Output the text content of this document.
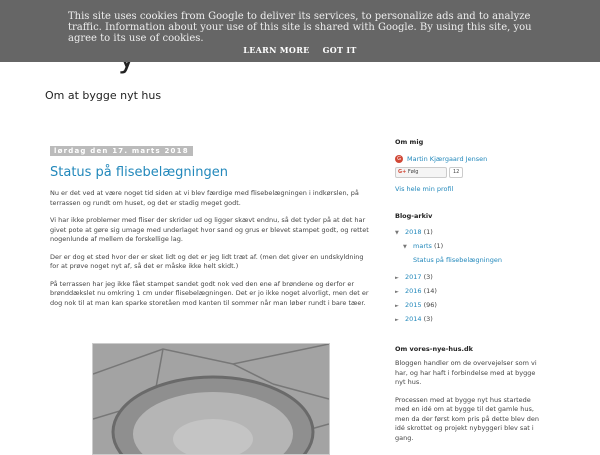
This site uses cookies from Google to deliver its services, to personalize ads and to analyze traffic. Information about your use of this site is shared with Google. By using this site, you agree to its use of cookies.
LEARN MORE GOT IT
Om at bygge nyt hus
lørdag den 17. marts 2018
Status på flisebelægningen
Nu er det ved at være noget tid siden at vi blev færdige med flisebelægningen i indkørslen, på terrassen og rundt om huset, og det er stadig meget godt.
Vi har ikke problemer med fliser der skrider ud og ligger skævt endnu, så det tyder på at det har givet pote at gøre sig umage med underlaget hvor sand og grus er blevet stampet godt, og rettet nogenlunde af mellem de forskellige lag.
Der er dog et sted hvor der er sket lidt og det er jeg lidt træt af. (men det giver en undskyldning for at prøve noget nyt af, så det er måske ikke helt skidt.)
På terrassen har jeg ikke fået stampet sandet godt nok ved den ene af brøndene og derfor er brønddækslet nu omkring 1 cm under flisebelægningen. Det er jo ikke noget alvorligt, men det er dog nok til at man kan sparke storetåen mod kanten til sommer når man løber rundt i bare tæer.
Om mig
G Martin Kjærgaard Jensen
G+ Følg	12
Vis hele min profil
Blog-arkiv
▼ 2018 (1)
▼ marts (1)
Status på flisebelægningen
► 2017 (3)
► 2016 (14)
► 2015 (96)
► 2014 (3)
Om vores-nye-hus.dk
Bloggen handler om de overvejelser som vi har, og har haft i forbindelse med at bygge nyt hus.
Processen med at bygge nyt hus startede med en idé om at bygge til det gamle hus, men da der først kom pris på dette blev den idé skrottet og projekt nybyggeri blev sat i gang.
